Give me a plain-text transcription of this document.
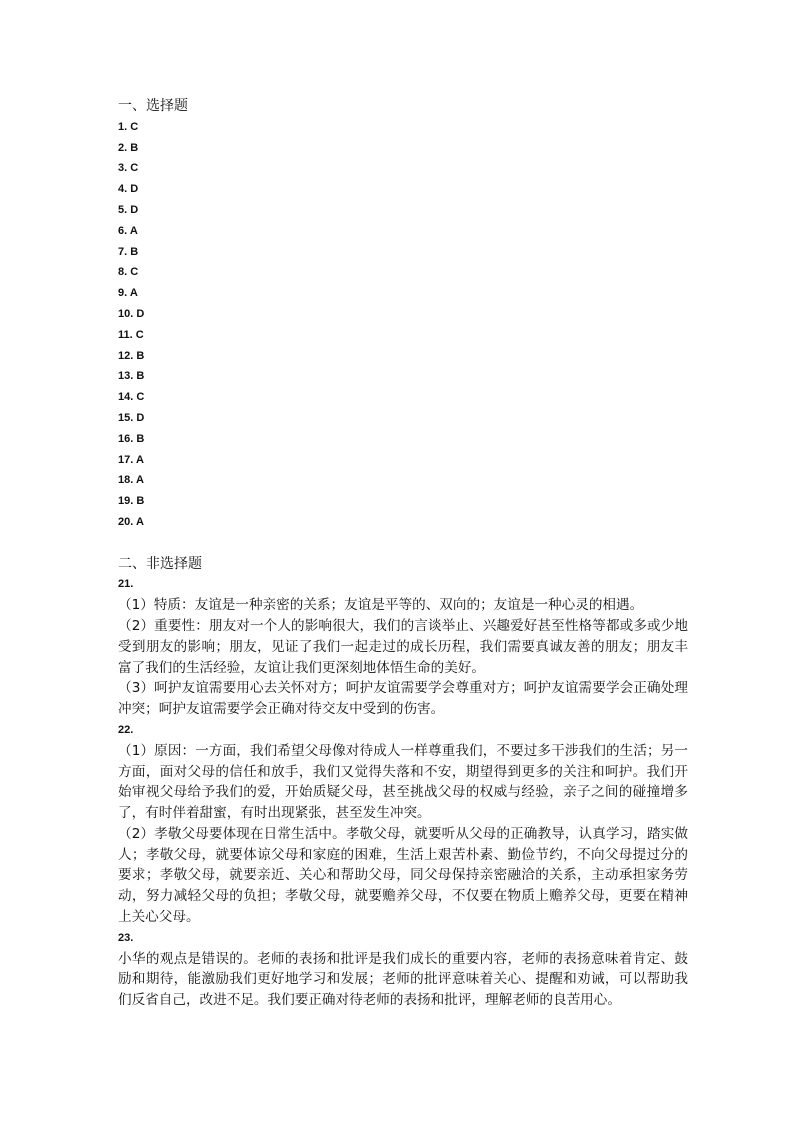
一、选择题

1. C
2. B
3. C
4. D
5. D
6. A
7. B
8. C
9. A
10. D
11. C
12. B
13. B
14. C
15. D
16. B
17. A
18. A
19. B
20. A

二、非选择题

21.

（1）特质：友谊是一种亲密的关系；友谊是平等的、双向的；友谊是一种心灵的相遇。

（2）重要性：朋友对一个人的影响很大，我们的言谈举止、兴趣爱好甚至性格等都或多或少地受到朋友的影响；朋友，见证了我们一起走过的成长历程，我们需要真诚友善的朋友；朋友丰富了我们的生活经验，友谊让我们更深刻地体悟生命的美好。

（3）呵护友谊需要用心去关怀对方；呵护友谊需要学会尊重对方；呵护友谊需要学会正确处理冲突；呵护友谊需要学会正确对待交友中受到的伤害。

22.

（1）原因：一方面，我们希望父母像对待成人一样尊重我们，不要过多干涉我们的生活；另一方面，面对父母的信任和放手，我们又觉得失落和不安，期望得到更多的关注和呵护。我们开始审视父母给予我们的爱，开始质疑父母，甚至挑战父母的权威与经验，亲子之间的碰撞增多了，有时伴着甜蜜，有时出现紧张，甚至发生冲突。

（2）孝敬父母要体现在日常生活中。孝敬父母，就要听从父母的正确教导，认真学习，踏实做人；孝敬父母，就要体谅父母和家庭的困难，生活上艰苦朴素、勤俭节约，不向父母提过分的要求；孝敬父母，就要亲近、关心和帮助父母，同父母保持亲密融洽的关系，主动承担家务劳动，努力减轻父母的负担；孝敬父母，就要赡养父母，不仅要在物质上赡养父母，更要在精神上关心父母。

23.

小华的观点是错误的。老师的表扬和批评是我们成长的重要内容，老师的表扬意味着肯定、鼓励和期待，能激励我们更好地学习和发展；老师的批评意味着关心、提醒和劝诫，可以帮助我们反省自己，改进不足。我们要正确对待老师的表扬和批评，理解老师的良苦用心。
